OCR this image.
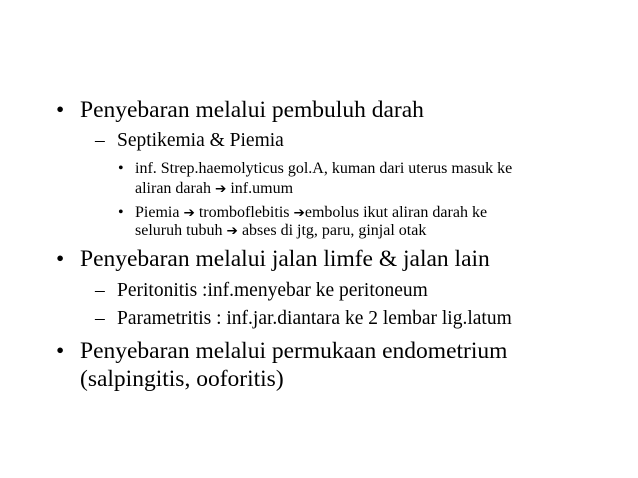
• Penyebaran melalui pembuluh darah
– Septikemia & Piemia
• inf. Strep.haemolyticus gol.A, kuman dari uterus masuk ke
aliran darah ➔ inf.umum
• Piemia ➔ tromboflebitis ➔embolus ikut aliran darah ke
seluruh tubuh ➔ abses di jtg, paru, ginjal otak
• Penyebaran melalui jalan limfe & jalan lain
– Peritonitis :inf.menyebar ke peritoneum
– Parametritis : inf.jar.diantara ke 2 lembar lig.latum
• Penyebaran melalui permukaan endometrium
(salpingitis, ooforitis)
